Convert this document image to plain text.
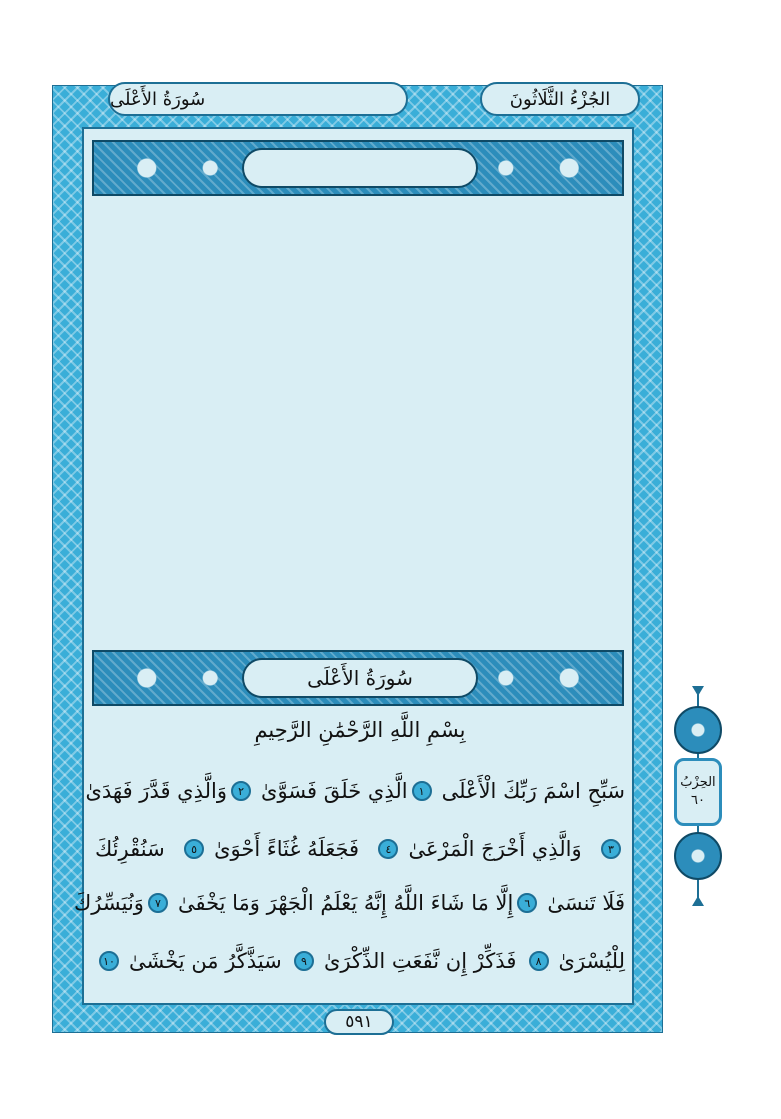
الجُزْءُ الثَّلَاثُونَ
سُورَةُ الأَعْلَى
سُورَةُ الأَعْلَى
بِسْمِ اللَّهِ الرَّحْمَٰنِ الرَّحِيمِ
سَبِّحِ اسْمَ رَبِّكَ الْأَعْلَى
١
الَّذِي خَلَقَ فَسَوَّىٰ
٢
وَالَّذِي قَدَّرَ فَهَدَىٰ
٣
وَالَّذِي أَخْرَجَ الْمَرْعَىٰ
٤
فَجَعَلَهُ غُثَاءً أَحْوَىٰ
٥
سَنُقْرِئُكَ
فَلَا تَنسَىٰ
٦
إِلَّا مَا شَاءَ اللَّهُ إِنَّهُ يَعْلَمُ الْجَهْرَ وَمَا يَخْفَىٰ
٧
وَنُيَسِّرُكَ
لِلْيُسْرَىٰ
٨
فَذَكِّرْ إِن نَّفَعَتِ الذِّكْرَىٰ
٩
سَيَذَّكَّرُ مَن يَخْشَىٰ
١٠
٥٩١
الحِزْبُ
٦٠
